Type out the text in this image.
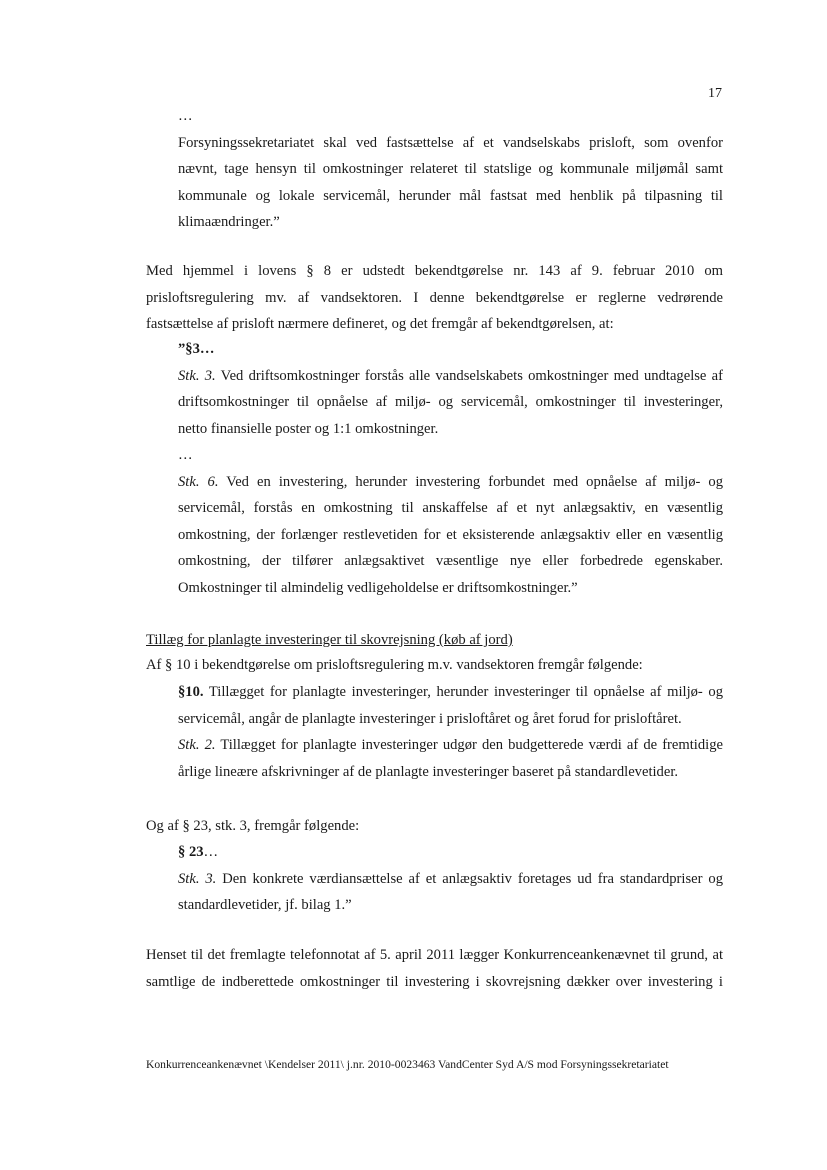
17
…
Forsyningssekretariatet skal ved fastsættelse af et vandselskabs prisloft, som ovenfor
nævnt, tage hensyn til omkostninger relateret til statslige og kommunale miljømål samt
kommunale og lokale servicemål, herunder mål fastsat med henblik på tilpasning til
klimaændringer.”
Med hjemmel i lovens § 8 er udstedt bekendtgørelse nr. 143 af 9. februar 2010 om
prisloftsregulering mv. af vandsektoren. I denne bekendtgørelse er reglerne vedrørende
fastsættelse af prisloft nærmere defineret, og det fremgår af bekendtgørelsen, at:
”§3…
Stk. 3. Ved driftsomkostninger forstås alle vandselskabets omkostninger med undtagelse af
driftsomkostninger til opnåelse af miljø- og servicemål, omkostninger til investeringer,
netto finansielle poster og 1:1 omkostninger.
…
Stk. 6. Ved en investering, herunder investering forbundet med opnåelse af miljø- og
servicemål, forstås en omkostning til anskaffelse af et nyt anlægsaktiv, en væsentlig
omkostning, der forlænger restlevetiden for et eksisterende anlægsaktiv eller en væsentlig
omkostning, der tilfører anlægsaktivet væsentlige nye eller forbedrede egenskaber.
Omkostninger til almindelig vedligeholdelse er driftsomkostninger.”
Tillæg for planlagte investeringer til skovrejsning (køb af jord)
Af § 10 i bekendtgørelse om prisloftsregulering m.v. vandsektoren fremgår følgende:
§10. Tillægget for planlagte investeringer, herunder investeringer til opnåelse af miljø- og
servicemål, angår de planlagte investeringer i prisloftåret og året forud for prisloftåret.
Stk. 2. Tillægget for planlagte investeringer udgør den budgetterede værdi af de fremtidige
årlige lineære afskrivninger af de planlagte investeringer baseret på standardlevetider.
Og af § 23, stk. 3, fremgår følgende:
§ 23…
Stk. 3. Den konkrete værdiansættelse af et anlægsaktiv foretages ud fra standardpriser og
standardlevetider, jf. bilag 1.”
Henset til det fremlagte telefonnotat af 5. april 2011 lægger Konkurrenceankenævnet til grund, at
samtlige de indberettede omkostninger til investering i skovrejsning dækker over investering i
Konkurrenceankenævnet \Kendelser 2011\ j.nr. 2010-0023463 VandCenter Syd A/S mod Forsyningssekretariatet
